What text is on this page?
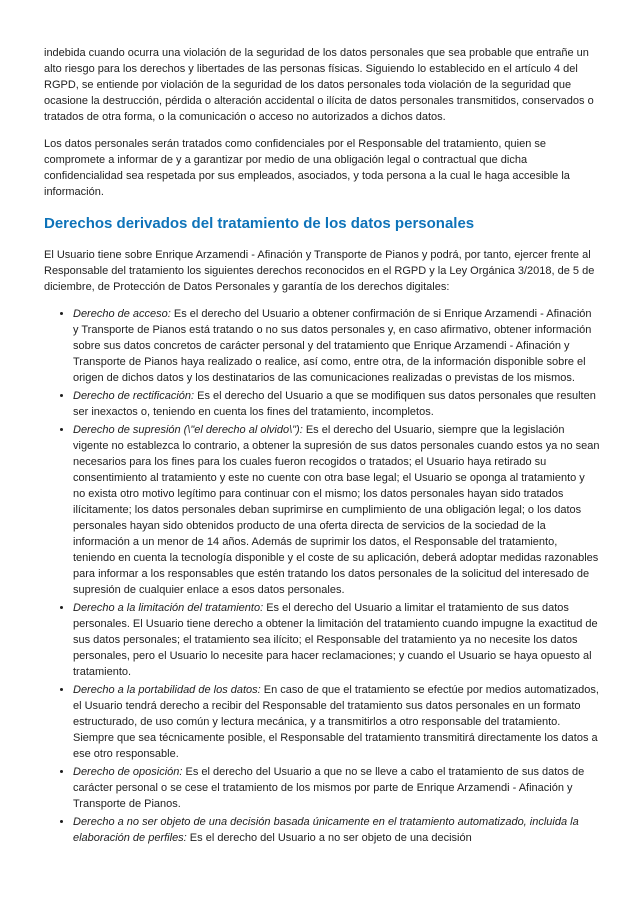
indebida cuando ocurra una violación de la seguridad de los datos personales que sea probable que entrañe un alto riesgo para los derechos y libertades de las personas físicas. Siguiendo lo establecido en el artículo 4 del RGPD, se entiende por violación de la seguridad de los datos personales toda violación de la seguridad que ocasione la destrucción, pérdida o alteración accidental o ilícita de datos personales transmitidos, conservados o tratados de otra forma, o la comunicación o acceso no autorizados a dichos datos.

Los datos personales serán tratados como confidenciales por el Responsable del tratamiento, quien se compromete a informar de y a garantizar por medio de una obligación legal o contractual que dicha confidencialidad sea respetada por sus empleados, asociados, y toda persona a la cual le haga accesible la información.

Derechos derivados del tratamiento de los datos personales

El Usuario tiene sobre Enrique Arzamendi - Afinación y Transporte de Pianos y podrá, por tanto, ejercer frente al Responsable del tratamiento los siguientes derechos reconocidos en el RGPD y la Ley Orgánica 3/2018, de 5 de diciembre, de Protección de Datos Personales y garantía de los derechos digitales:

• Derecho de acceso: Es el derecho del Usuario a obtener confirmación de si Enrique Arzamendi - Afinación y Transporte de Pianos está tratando o no sus datos personales y, en caso afirmativo, obtener información sobre sus datos concretos de carácter personal y del tratamiento que Enrique Arzamendi - Afinación y Transporte de Pianos haya realizado o realice, así como, entre otra, de la información disponible sobre el origen de dichos datos y los destinatarios de las comunicaciones realizadas o previstas de los mismos.
• Derecho de rectificación: Es el derecho del Usuario a que se modifiquen sus datos personales que resulten ser inexactos o, teniendo en cuenta los fines del tratamiento, incompletos.
• Derecho de supresión (\"el derecho al olvido\"): Es el derecho del Usuario, siempre que la legislación vigente no establezca lo contrario, a obtener la supresión de sus datos personales cuando estos ya no sean necesarios para los fines para los cuales fueron recogidos o tratados; el Usuario haya retirado su consentimiento al tratamiento y este no cuente con otra base legal; el Usuario se oponga al tratamiento y no exista otro motivo legítimo para continuar con el mismo; los datos personales hayan sido tratados ilícitamente; los datos personales deban suprimirse en cumplimiento de una obligación legal; o los datos personales hayan sido obtenidos producto de una oferta directa de servicios de la sociedad de la información a un menor de 14 años. Además de suprimir los datos, el Responsable del tratamiento, teniendo en cuenta la tecnología disponible y el coste de su aplicación, deberá adoptar medidas razonables para informar a los responsables que estén tratando los datos personales de la solicitud del interesado de supresión de cualquier enlace a esos datos personales.
• Derecho a la limitación del tratamiento: Es el derecho del Usuario a limitar el tratamiento de sus datos personales. El Usuario tiene derecho a obtener la limitación del tratamiento cuando impugne la exactitud de sus datos personales; el tratamiento sea ilícito; el Responsable del tratamiento ya no necesite los datos personales, pero el Usuario lo necesite para hacer reclamaciones; y cuando el Usuario se haya opuesto al tratamiento.
• Derecho a la portabilidad de los datos: En caso de que el tratamiento se efectúe por medios automatizados, el Usuario tendrá derecho a recibir del Responsable del tratamiento sus datos personales en un formato estructurado, de uso común y lectura mecánica, y a transmitirlos a otro responsable del tratamiento. Siempre que sea técnicamente posible, el Responsable del tratamiento transmitirá directamente los datos a ese otro responsable.
• Derecho de oposición: Es el derecho del Usuario a que no se lleve a cabo el tratamiento de sus datos de carácter personal o se cese el tratamiento de los mismos por parte de Enrique Arzamendi - Afinación y Transporte de Pianos.
• Derecho a no ser objeto de una decisión basada únicamente en el tratamiento automatizado, incluida la elaboración de perfiles: Es el derecho del Usuario a no ser objeto de una decisión
